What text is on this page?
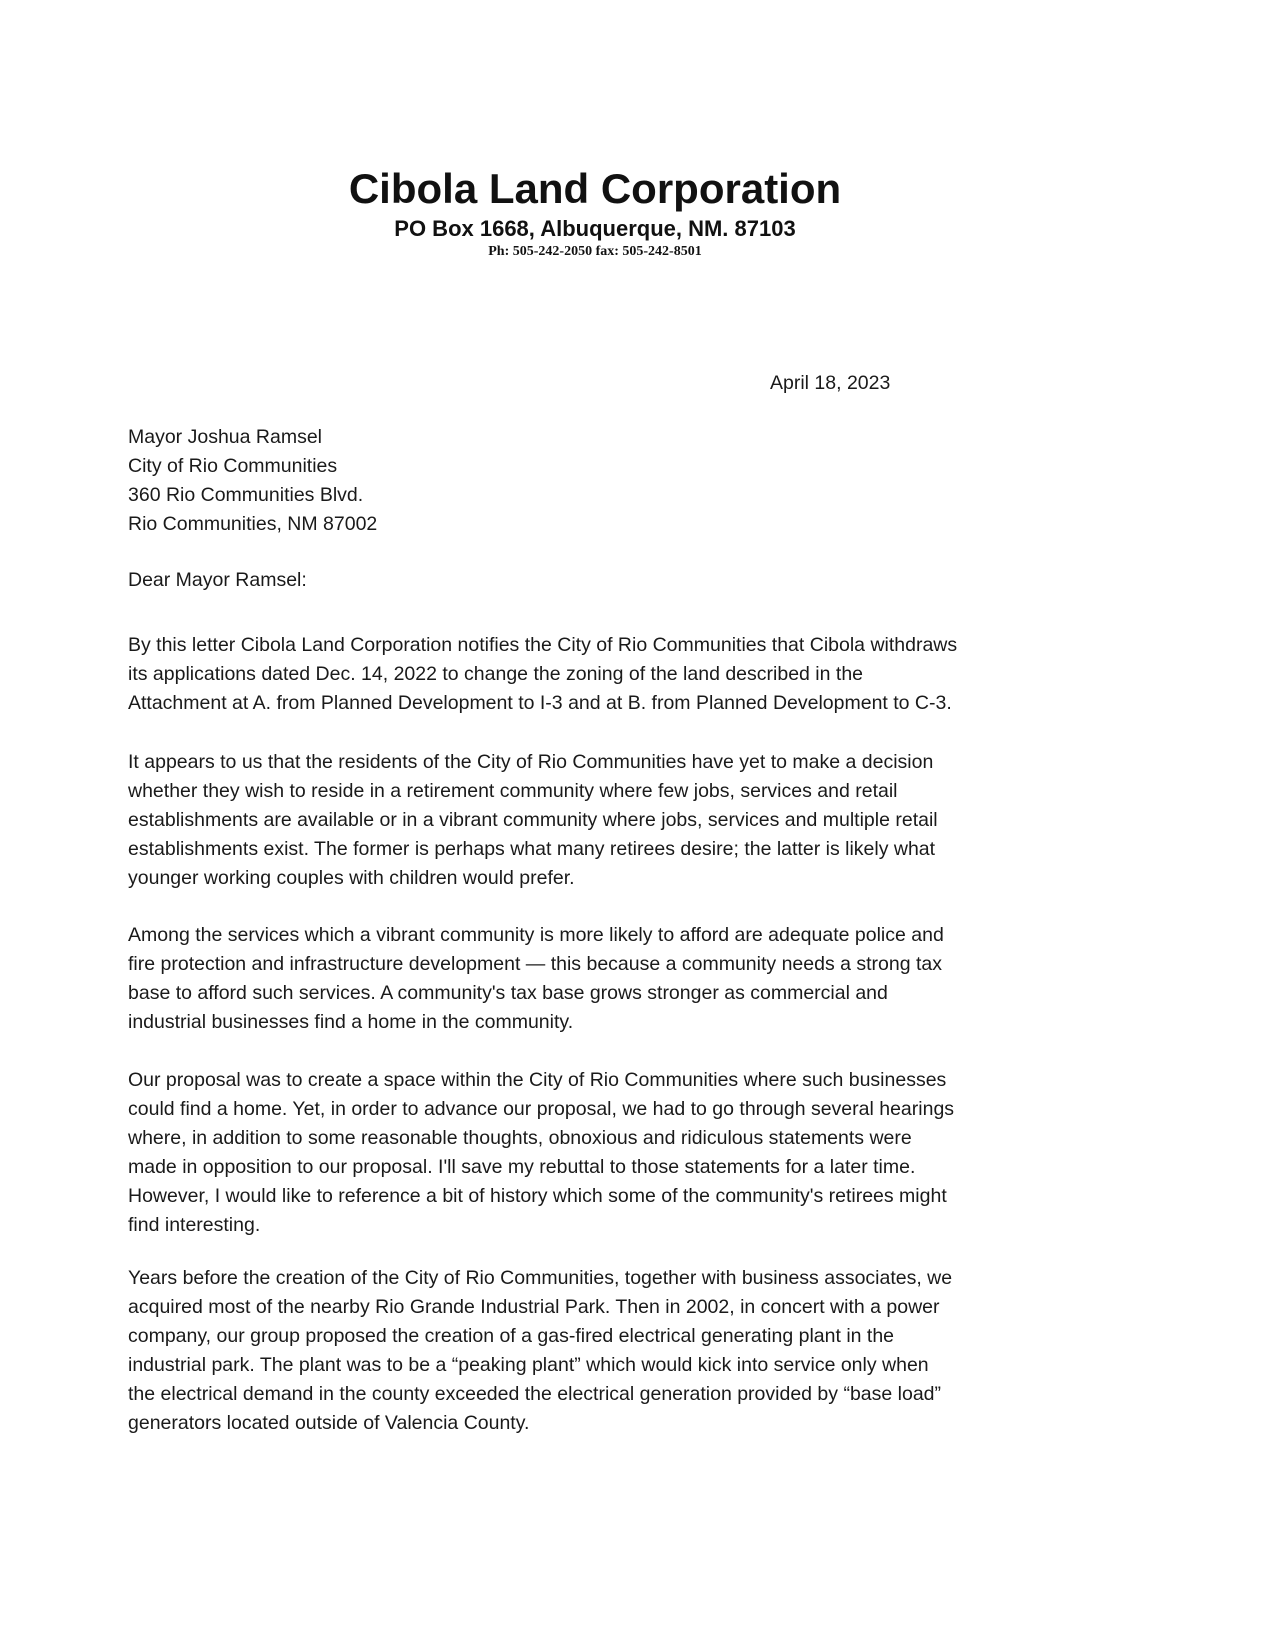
Cibola Land Corporation
PO Box 1668, Albuquerque, NM. 87103
Ph: 505-242-2050 fax: 505-242-8501
April 18, 2023
Mayor Joshua Ramsel
City of Rio Communities
360 Rio Communities Blvd.
Rio Communities, NM 87002
Dear Mayor Ramsel:
By this letter Cibola Land Corporation notifies the City of Rio Communities that Cibola withdraws
its applications dated Dec. 14, 2022 to change the zoning of the land described in the
Attachment at A. from Planned Development to I-3 and at B. from Planned Development to C-3.
It appears to us that the residents of the City of Rio Communities have yet to make a decision
whether they wish to reside in a retirement community where few jobs, services and retail
establishments are available or in a vibrant community where jobs, services and multiple retail
establishments exist. The former is perhaps what many retirees desire; the latter is likely what
younger working couples with children would prefer.
Among the services which a vibrant community is more likely to afford are adequate police and
fire protection and infrastructure development — this because a community needs a strong tax
base to afford such services. A community's tax base grows stronger as commercial and
industrial businesses find a home in the community.
Our proposal was to create a space within the City of Rio Communities where such businesses
could find a home. Yet, in order to advance our proposal, we had to go through several hearings
where, in addition to some reasonable thoughts, obnoxious and ridiculous statements were
made in opposition to our proposal. I'll save my rebuttal to those statements for a later time.
However, I would like to reference a bit of history which some of the community's retirees might
find interesting.
Years before the creation of the City of Rio Communities, together with business associates, we
acquired most of the nearby Rio Grande Industrial Park. Then in 2002, in concert with a power
company, our group proposed the creation of a gas-fired electrical generating plant in the
industrial park. The plant was to be a “peaking plant” which would kick into service only when
the electrical demand in the county exceeded the electrical generation provided by “base load”
generators located outside of Valencia County.
